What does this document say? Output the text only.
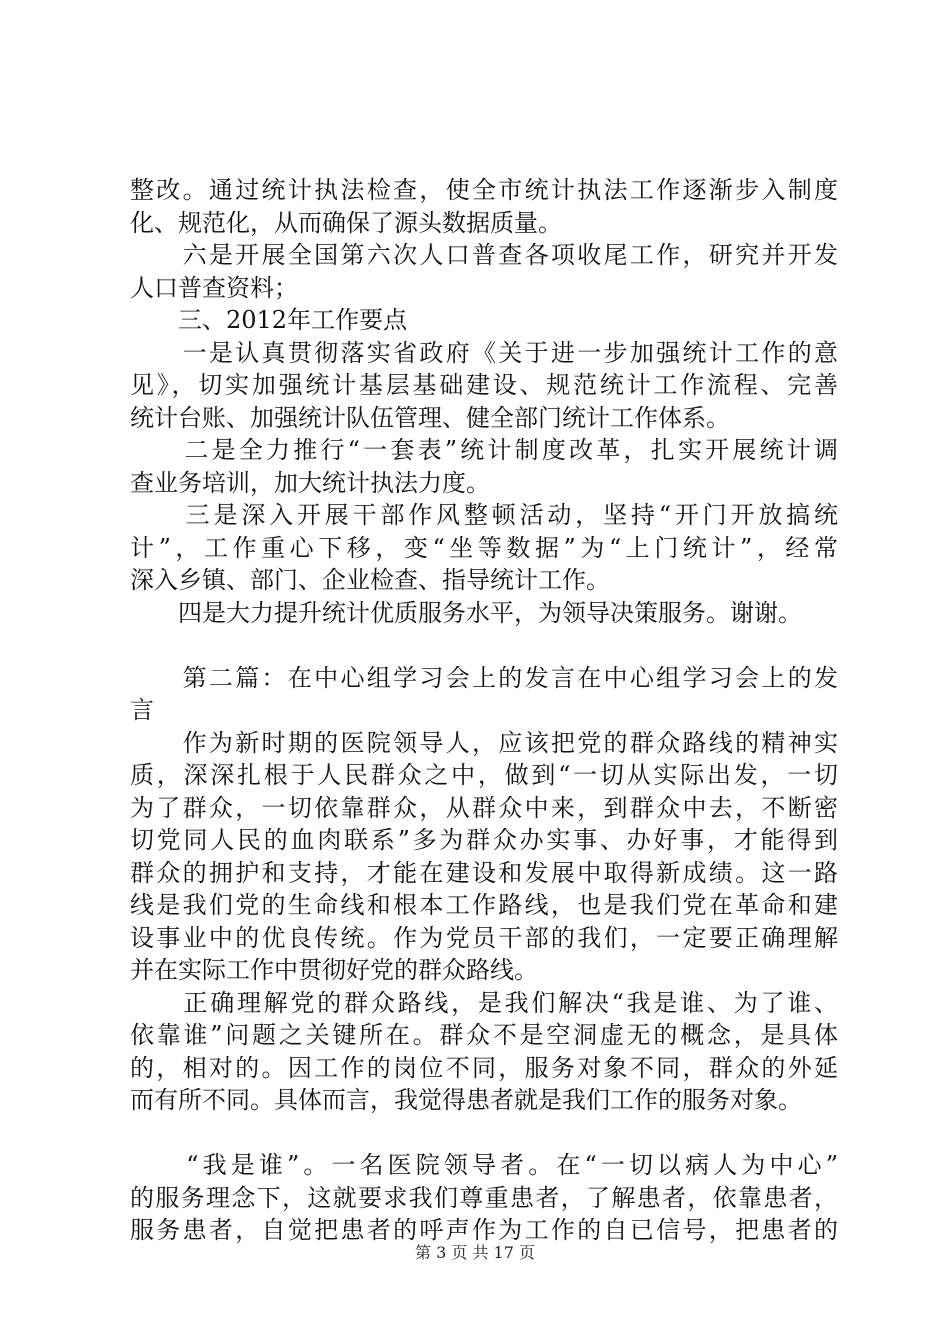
整改。通过统计执法检查，使全市统计执法工作逐渐步入制度
化、规范化，从而确保了源头数据质量。
　　六是开展全国第六次人口普查各项收尾工作，研究并开发
人口普查资料；
　　三、2012年工作要点
　　一是认真贯彻落实省政府《关于进一步加强统计工作的意
见》，切实加强统计基层基础建设、规范统计工作流程、完善
统计台账、加强统计队伍管理、健全部门统计工作体系。
　　二是全力推行“一套表”统计制度改革，扎实开展统计调
查业务培训，加大统计执法力度。
　　三是深入开展干部作风整顿活动，坚持“开门开放搞统
计”，工作重心下移，变“坐等数据”为“上门统计”，经常
深入乡镇、部门、企业检查、指导统计工作。
　　四是大力提升统计优质服务水平，为领导决策服务。谢谢。
　　第二篇：在中心组学习会上的发言在中心组学习会上的发
言
　　作为新时期的医院领导人，应该把党的群众路线的精神实
质，深深扎根于人民群众之中，做到“一切从实际出发，一切
为了群众，一切依靠群众，从群众中来，到群众中去，不断密
切党同人民的血肉联系”多为群众办实事、办好事，才能得到
群众的拥护和支持，才能在建设和发展中取得新成绩。这一路
线是我们党的生命线和根本工作路线，也是我们党在革命和建
设事业中的优良传统。作为党员干部的我们，一定要正确理解
并在实际工作中贯彻好党的群众路线。
　　正确理解党的群众路线，是我们解决“我是谁、为了谁、
依靠谁”问题之关键所在。群众不是空洞虚无的概念，是具体
的，相对的。因工作的岗位不同，服务对象不同，群众的外延
而有所不同。具体而言，我觉得患者就是我们工作的服务对象。
　　“我是谁”。一名医院领导者。在“一切以病人为中心”
的服务理念下，这就要求我们尊重患者，了解患者，依靠患者，
服务患者，自觉把患者的呼声作为工作的自已信号，把患者的
第 3 页 共 17 页
